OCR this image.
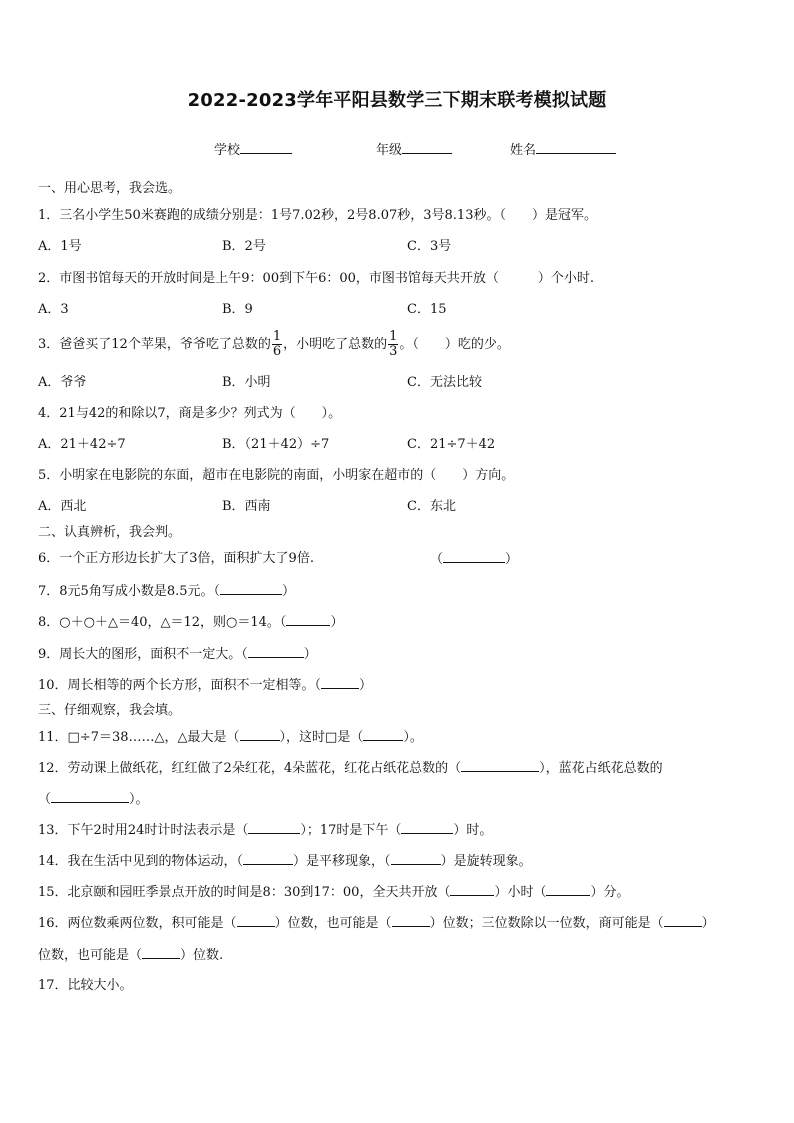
2022-2023学年平阳县数学三下期末联考模拟试题
学校	年级	姓名
一、用心思考，我会选。
1．三名小学生50米赛跑的成绩分别是：1号7.02秒，2号8.07秒，3号8.13秒。（　　）是冠军。
A．1号	B．2号	C．3号
2．市图书馆每天的开放时间是上午9：00到下午6：00，市图书馆每天共开放（　　　）个小时.
A．3	B．9	C．15
3．爸爸买了12个苹果，爷爷吃了总数的 $\frac{1}{6}$ ，小明吃了总数的 $\frac{1}{3}$ 。（　　）吃的少。
A．爷爷	B．小明	C．无法比较
4．21与42的和除以7，商是多少？列式为（　　）。
A．21＋42÷7	B．（21＋42）÷7	C．21÷7＋42
5．小明家在电影院的东面，超市在电影院的南面，小明家在超市的（　　）方向。
A．西北	B．西南	C．东北
二、认真辨析，我会判。
6．一个正方形边长扩大了3倍，面积扩大了9倍.	（	）
7．8元5角写成小数是8.5元。（	）
8．○＋○＋△＝40，△＝12，则○＝14。（	）
9．周长大的图形，面积不一定大。（	）
10．周长相等的两个长方形，面积不一定相等。（	）
三、仔细观察，我会填。
11．□÷7＝38……△，△最大是（	），这时□是（	）。
12．劳动课上做纸花，红红做了2朵红花，4朵蓝花，红花占纸花总数的（	），蓝花占纸花总数的
（	）。
13．下午2时用24时计时法表示是（	）；17时是下午（	）时。
14．我在生活中见到的物体运动，（	）是平移现象，（	）是旋转现象。
15．北京颐和园旺季景点开放的时间是8：30到17：00，全天共开放（	）小时（	）分。
16．两位数乘两位数，积可能是（	）位数，也可能是（	）位数；三位数除以一位数，商可能是（	）
位数，也可能是（	）位数.
17．比较大小。
